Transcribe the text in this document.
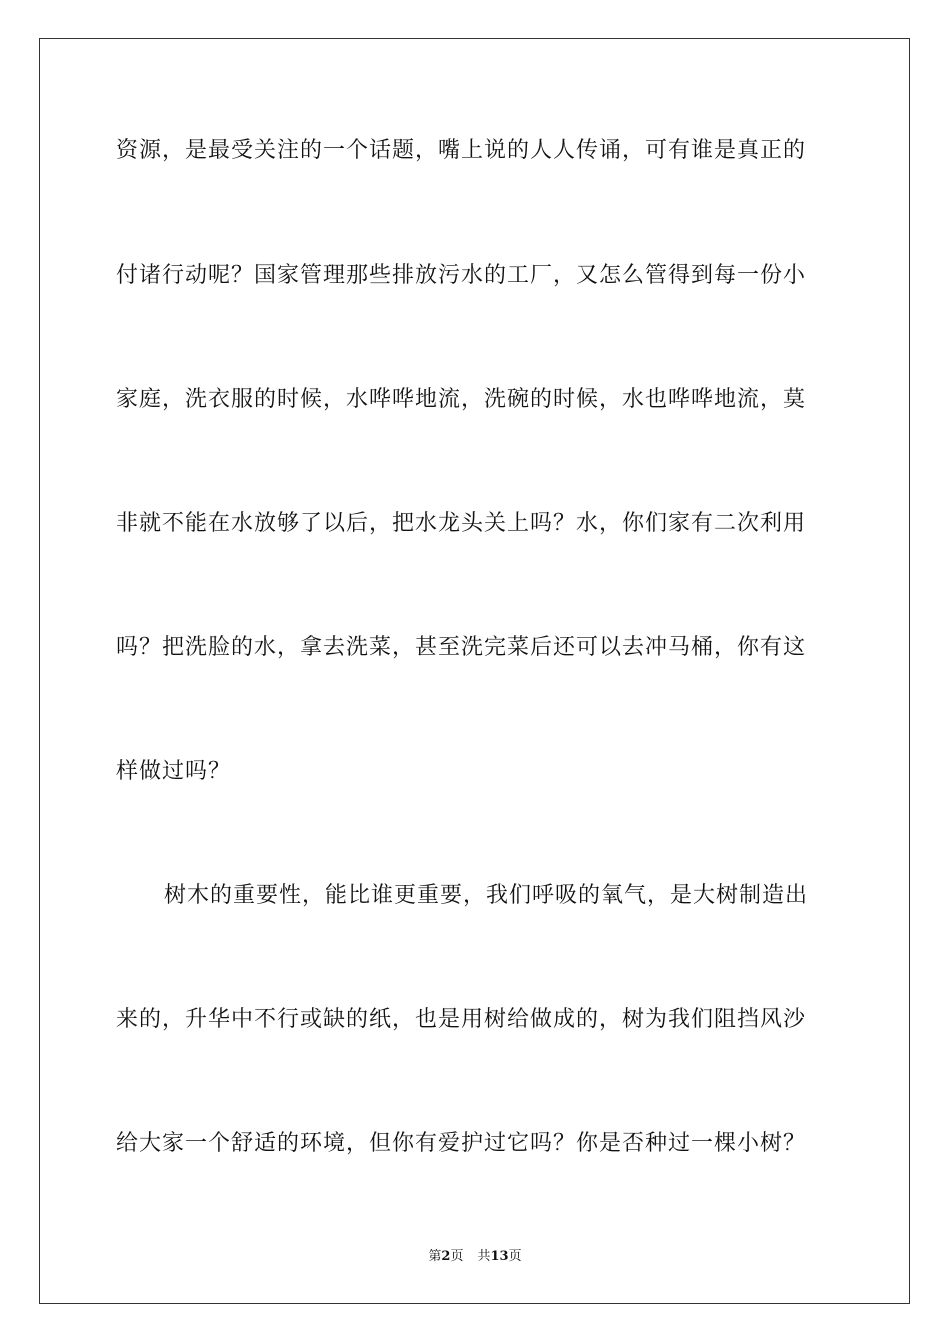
资源，是最受关注的一个话题，嘴上说的人人传诵，可有谁是真正的
付诸行动呢？国家管理那些排放污水的工厂，又怎么管得到每一份小
家庭，洗衣服的时候，水哗哗地流，洗碗的时候，水也哗哗地流，莫
非就不能在水放够了以后，把水龙头关上吗？水，你们家有二次利用
吗？把洗脸的水，拿去洗菜，甚至洗完菜后还可以去冲马桶，你有这
样做过吗？
树木的重要性，能比谁更重要，我们呼吸的氧气，是大树制造出
来的，升华中不行或缺的纸，也是用树给做成的，树为我们阻挡风沙
给大家一个舒适的环境，但你有爱护过它吗？你是否种过一棵小树？
第2页 共13页
